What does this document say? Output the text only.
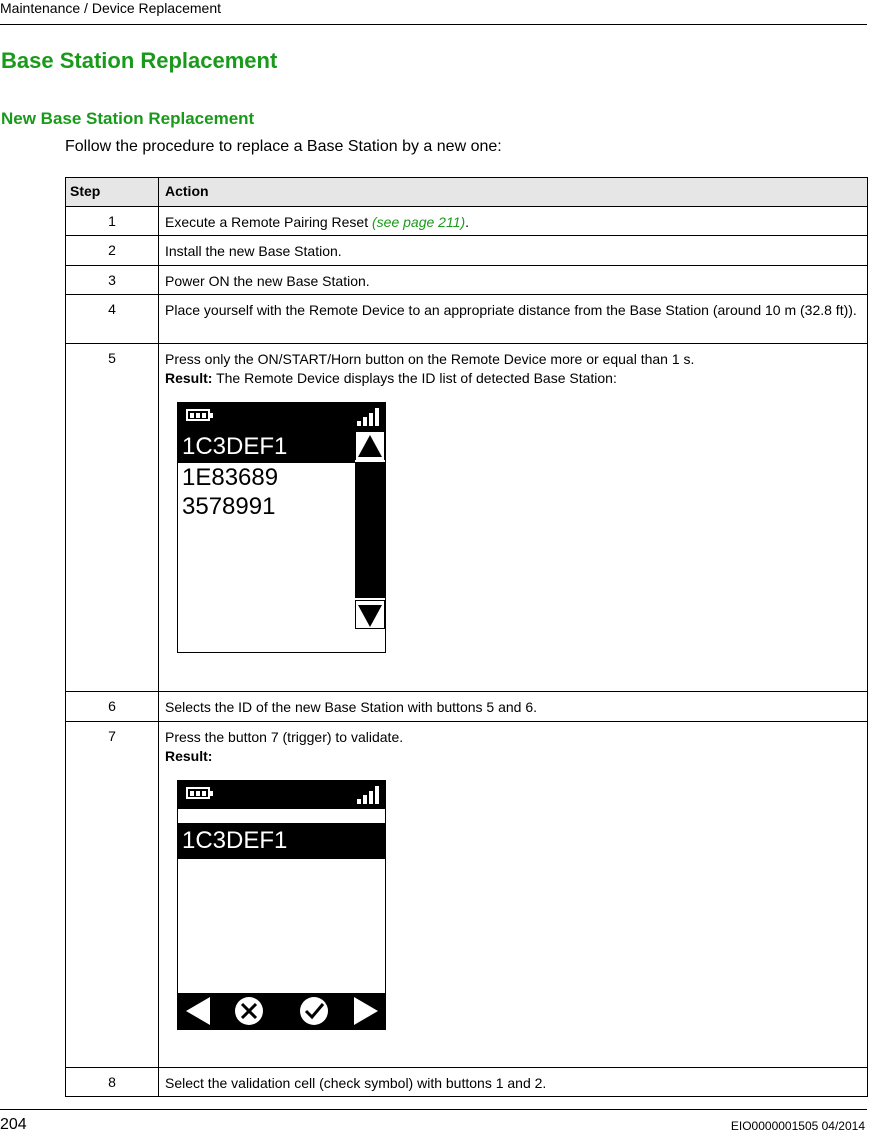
Maintenance / Device Replacement
Base Station Replacement
New Base Station Replacement
Follow the procedure to replace a Base Station by a new one:
Step	Action
1	Execute a Remote Pairing Reset (see page 211).
2	Install the new Base Station.
3	Power ON the new Base Station.
4	Place yourself with the Remote Device to an appropriate distance from the Base Station (around 10 m (32.8 ft)).
5	Press only the ON/START/Horn button on the Remote Device more or equal than 1 s.
Result: The Remote Device displays the ID list of detected Base Station:
1C3DEF1
1E83689
3578991

6	Selects the ID of the new Base Station with buttons 5 and 6.
7	Press the button 7 (trigger) to validate.
Result:
1C3DEF1

8	Select the validation cell (check symbol) with buttons 1 and 2.
204	EIO0000001505 04/2014
